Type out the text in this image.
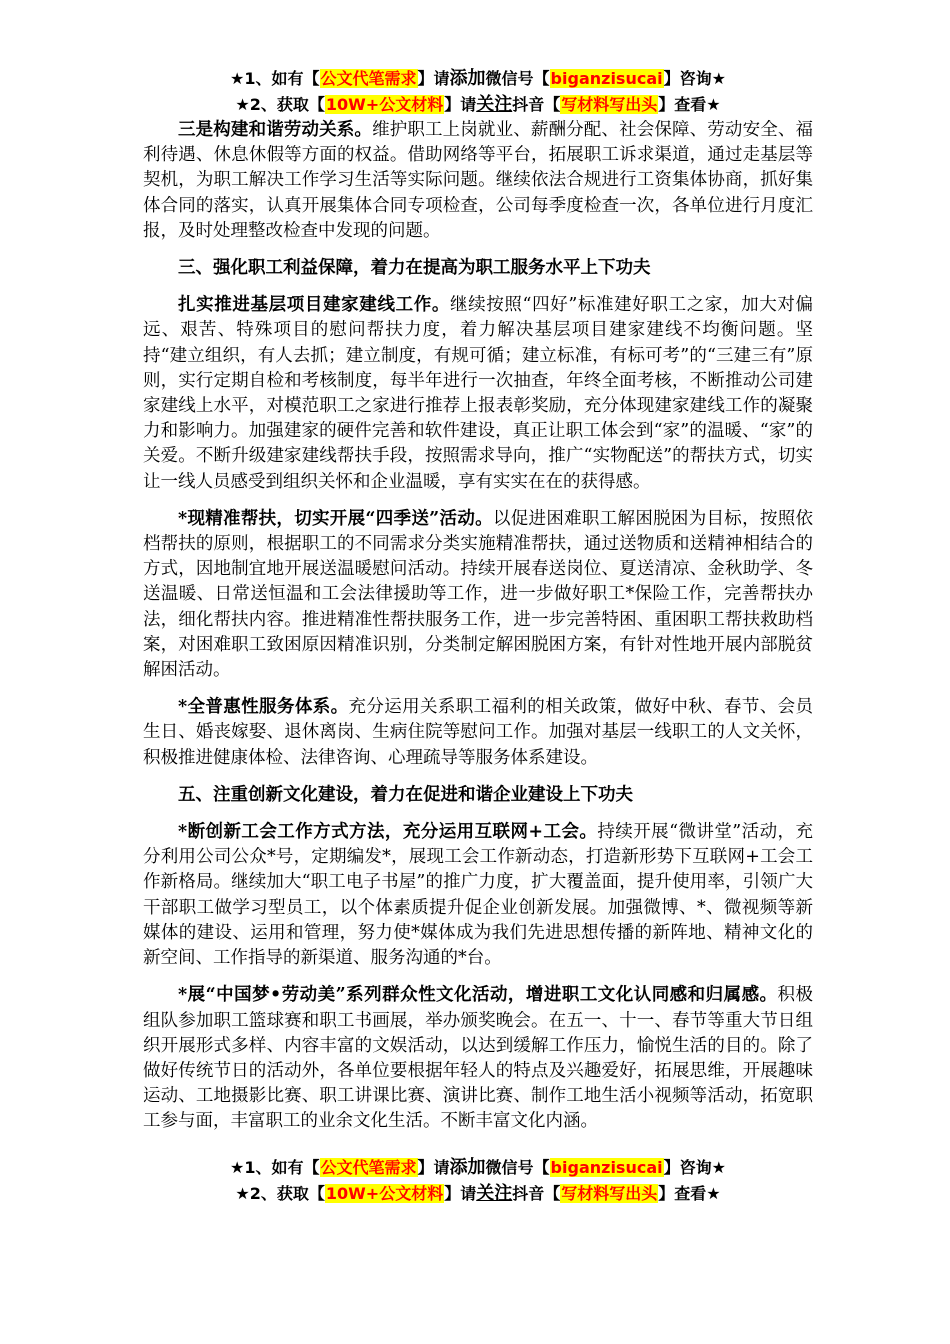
★1、如有【公文代笔需求】请添加微信号【biganzisucai】咨询★
★2、获取【10W+公文材料】请关注抖音【写材料写出头】查看★

三是构建和谐劳动关系。维护职工上岗就业、薪酬分配、社会保障、劳动安全、福利待遇、休息休假等方面的权益。借助网络等平台，拓展职工诉求渠道，通过走基层等契机，为职工解决工作学习生活等实际问题。继续依法合规进行工资集体协商，抓好集体合同的落实，认真开展集体合同专项检查，公司每季度检查一次，各单位进行月度汇报，及时处理整改检查中发现的问题。

三、强化职工利益保障，着力在提高为职工服务水平上下功夫

扎实推进基层项目建家建线工作。继续按照“四好”标准建好职工之家，加大对偏远、艰苦、特殊项目的慰问帮扶力度，着力解决基层项目建家建线不均衡问题。坚持“建立组织，有人去抓；建立制度，有规可循；建立标准，有标可考”的“三建三有”原则，实行定期自检和考核制度，每半年进行一次抽查，年终全面考核，不断推动公司建家建线上水平，对模范职工之家进行推荐上报表彰奖励，充分体现建家建线工作的凝聚力和影响力。加强建家的硬件完善和软件建设，真正让职工体会到“家”的温暖、“家”的关爱。不断升级建家建线帮扶手段，按照需求导向，推广“实物配送”的帮扶方式，切实让一线人员感受到组织关怀和企业温暖，享有实实在在的获得感。

*现精准帮扶，切实开展“四季送”活动。以促进困难职工解困脱困为目标，按照依档帮扶的原则，根据职工的不同需求分类实施精准帮扶，通过送物质和送精神相结合的方式，因地制宜地开展送温暖慰问活动。持续开展春送岗位、夏送清凉、金秋助学、冬送温暖、日常送恒温和工会法律援助等工作，进一步做好职工*保险工作，完善帮扶办法，细化帮扶内容。推进精准性帮扶服务工作，进一步完善特困、重困职工帮扶救助档案，对困难职工致困原因精准识别，分类制定解困脱困方案，有针对性地开展内部脱贫解困活动。

*全普惠性服务体系。充分运用关系职工福利的相关政策，做好中秋、春节、会员生日、婚丧嫁娶、退休离岗、生病住院等慰问工作。加强对基层一线职工的人文关怀，积极推进健康体检、法律咨询、心理疏导等服务体系建设。

五、注重创新文化建设，着力在促进和谐企业建设上下功夫

*断创新工会工作方式方法，充分运用互联网+工会。持续开展“微讲堂”活动，充分利用公司公众*号，定期编发*，展现工会工作新动态，打造新形势下互联网+工会工作新格局。继续加大“职工电子书屋”的推广力度，扩大覆盖面，提升使用率，引领广大干部职工做学习型员工，以个体素质提升促企业创新发展。加强微博、*、微视频等新媒体的建设、运用和管理，努力使*媒体成为我们先进思想传播的新阵地、精神文化的新空间、工作指导的新渠道、服务沟通的*台。

*展“中国梦•劳动美”系列群众性文化活动，增进职工文化认同感和归属感。积极组队参加职工篮球赛和职工书画展，举办颁奖晚会。在五一、十一、春节等重大节日组织开展形式多样、内容丰富的文娱活动，以达到缓解工作压力，愉悦生活的目的。除了做好传统节日的活动外，各单位要根据年轻人的特点及兴趣爱好，拓展思维，开展趣味运动、工地摄影比赛、职工讲课比赛、演讲比赛、制作工地生活小视频等活动，拓宽职工参与面，丰富职工的业余文化生活。不断丰富文化内涵。

★1、如有【公文代笔需求】请添加微信号【biganzisucai】咨询★
★2、获取【10W+公文材料】请关注抖音【写材料写出头】查看★
